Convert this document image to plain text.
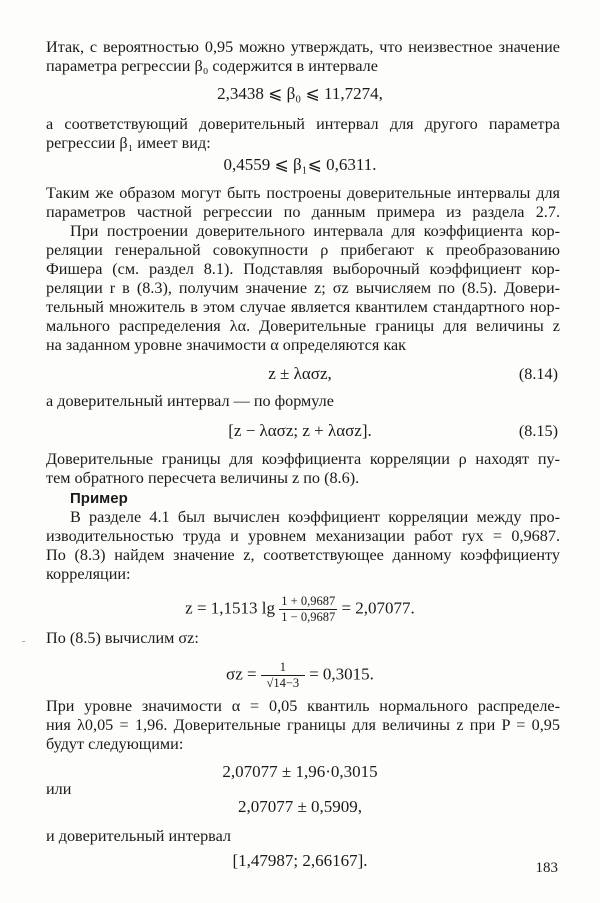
Итак, с вероятностью 0,95 можно утверждать, что неизвестное значение
параметра регрессии β₀ содержится в интервале
2,3438 ⩽ β₀ ⩽ 11,7274,
а соответствующий доверительный интервал для другого параметра
регрессии β₁ имеет вид:
0,4559 ⩽ β₁⩽ 0,6311.
Таким же образом могут быть построены доверительные интервалы для
параметров частной регрессии по данным примера из раздела 2.7.
При построении доверительного интервала для коэффициента кор-
реляции генеральной совокупности ρ прибегают к преобразованию
Фишера (см. раздел 8.1). Подставляя выборочный коэффициент кор-
реляции r в (8.3), получим значение z; σz вычисляем по (8.5). Довери-
тельный множитель в этом случае является квантилем стандартного нор-
мального распределения λα. Доверительные границы для величины z
на заданном уровне значимости α определяются как
z ± λασz,	(8.14)
а доверительный интервал — по формуле
[z − λασz; z + λασz].	(8.15)
Доверительные границы для коэффициента корреляции ρ находят пу-
тем обратного пересчета величины z по (8.6).
Пример
В разделе 4.1 был вычислен коэффициент корреляции между про-
изводительностью труда и уровнем механизации работ ryx = 0,9687.
По (8.3) найдем значение z, соответствующее данному коэффициенту
корреляции:
z = 1,1513 $\lg \frac{1 + 0,9687}{1 - 0,9687} = 2,07077$.
По (8.5) вычислим σz:
-
$\sigma z = \frac{1}{√14-3} = 0,3015$.
При уровне значимости α = 0,05 квантиль нормального распределе-
ния λ0,05 = 1,96. Доверительные границы для величины z при P = 0,95
будут следующими:
2,07077 ± 1,96·0,3015
или
2,07077 ± 0,5909,
и доверительный интервал
[1,47987; 2,66167].	183
